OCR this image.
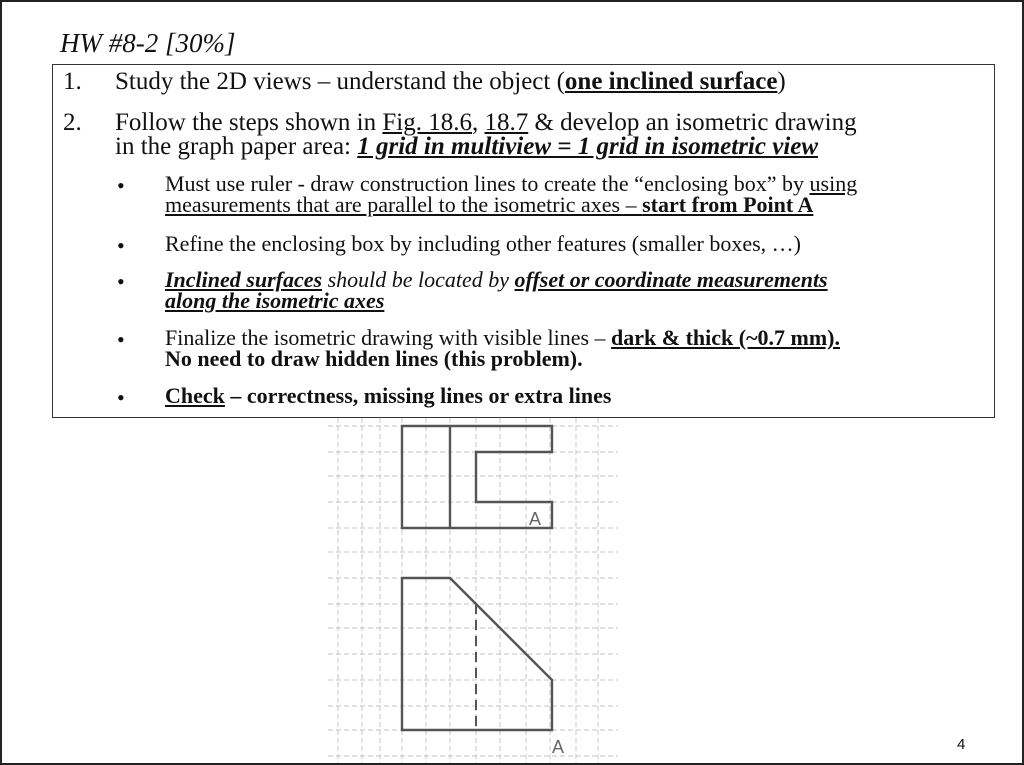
HW #8-2 [30%]
1. Study the 2D views – understand the object (one inclined surface)
2. Follow the steps shown in Fig. 18.6, 18.7 & develop an isometric drawing
in the graph paper area: 1 grid in multiview = 1 grid in isometric view
• Must use ruler - draw construction lines to create the “enclosing box” by using
measurements that are parallel to the isometric axes – start from Point A
• Refine the enclosing box by including other features (smaller boxes, …)
• Inclined surfaces should be located by offset or coordinate measurements
along the isometric axes
• Finalize the isometric drawing with visible lines – dark & thick (~0.7 mm).
No need to draw hidden lines (this problem).
• Check – correctness, missing lines or extra lines
A
A	4
